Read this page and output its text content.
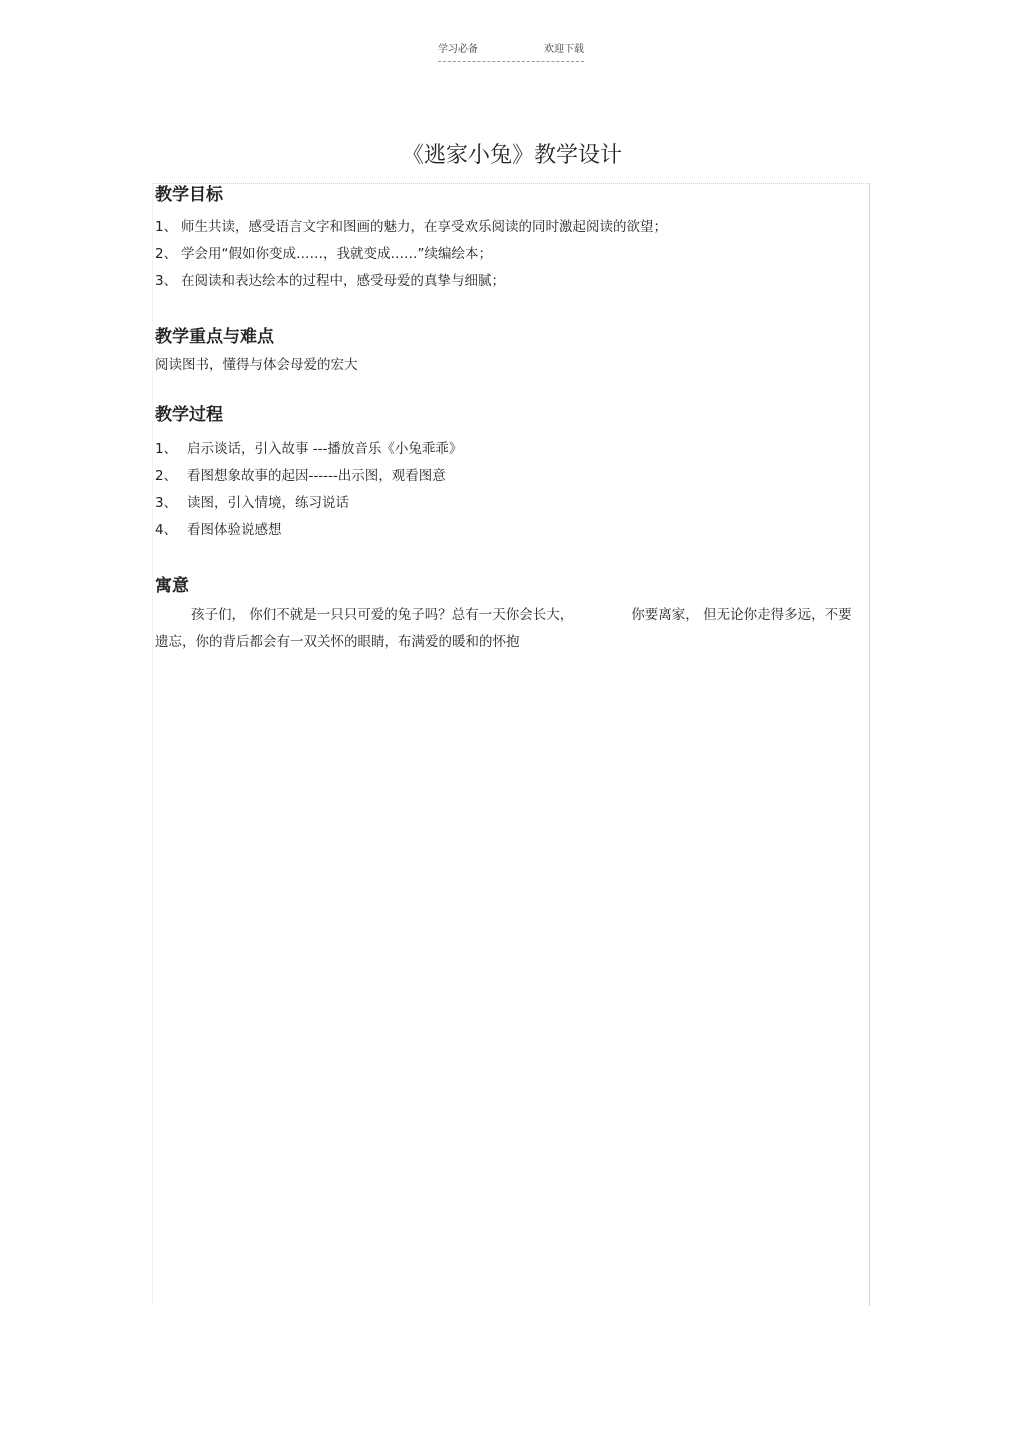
学习必备	欢迎下载
《逃家小兔》教学设计
教学目标

1、 师生共读，感受语言文字和图画的魅力，在享受欢乐阅读的同时激起阅读的欲望；

2、 学会用“假如你变成……，我就变成……”续编绘本；

3、 在阅读和表达绘本的过程中，感受母爱的真挚与细腻；

教学重点与难点

阅读图书，懂得与体会母爱的宏大

教学过程

1、 启示谈话，引入故事 ---播放音乐《小兔乖乖》

2、 看图想象故事的起因------出示图，观看图意

3、 读图，引入情境，练习说话

4、 看图体验说感想

寓意

孩子们， 你们不就是一只只可爱的兔子吗？总有一天你会长大，	你要离家， 但无论你走得多远，不要遗忘，你的背后都会有一双关怀的眼睛，布满爱的暖和的怀抱
